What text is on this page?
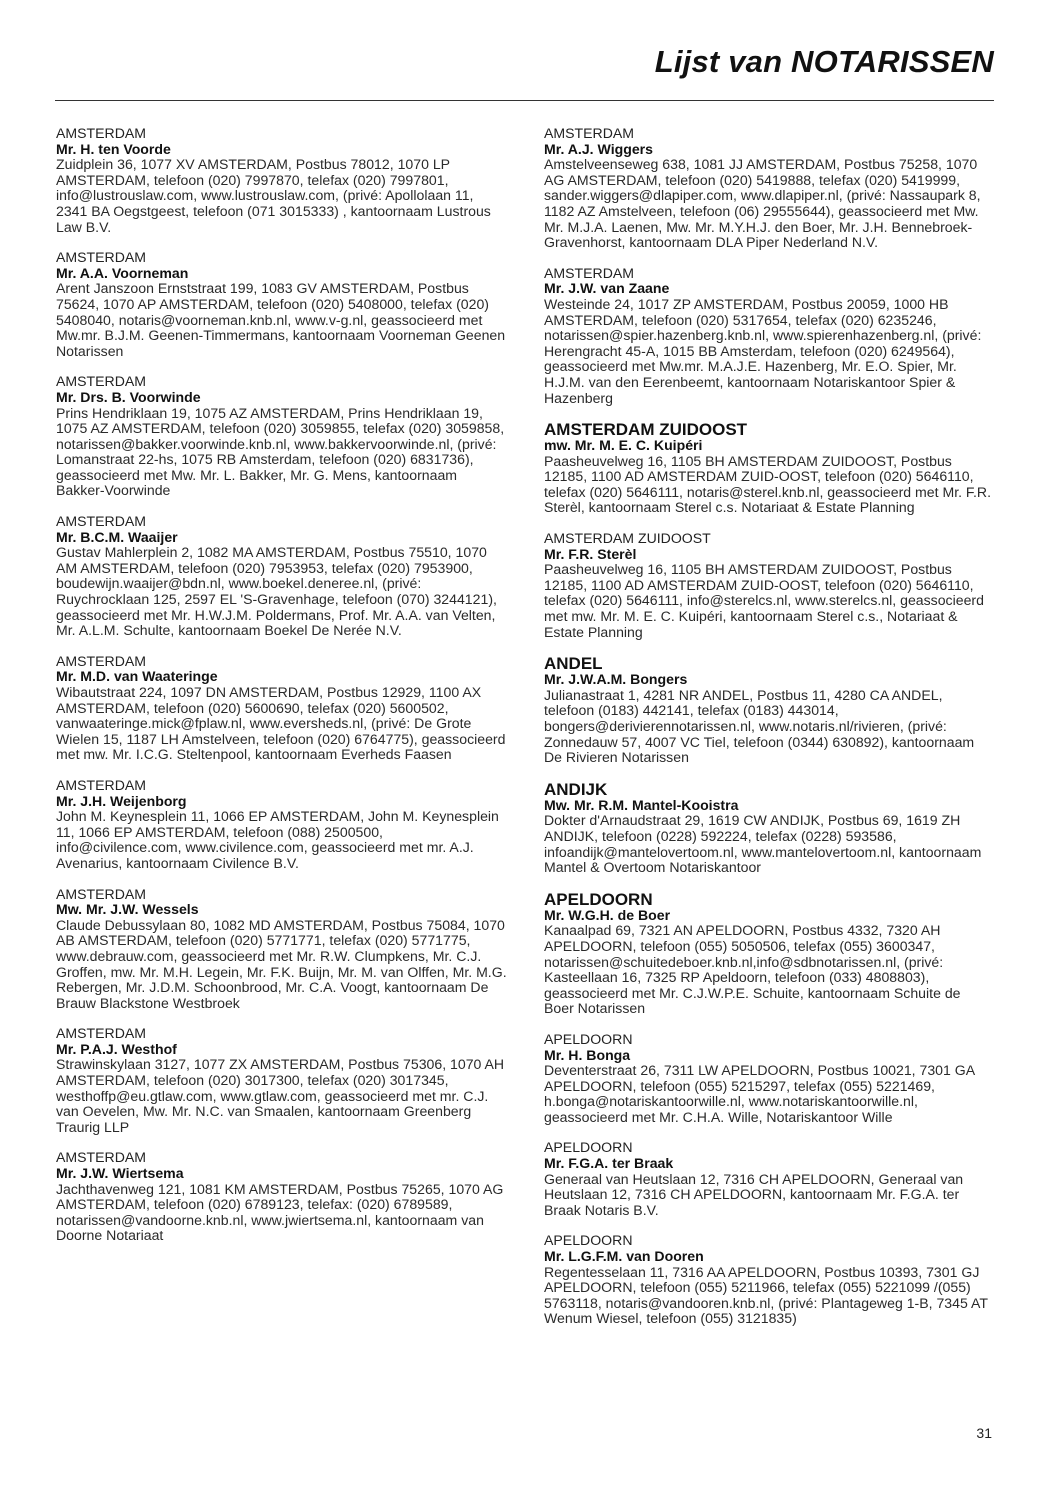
Lijst van NOTARISSEN
AMSTERDAM
Mr. H. ten Voorde
Zuidplein 36, 1077 XV AMSTERDAM, Postbus 78012, 1070 LP AMSTERDAM, telefoon (020) 7997870, telefax (020) 7997801, info@lustrouslaw.com, www.lustrouslaw.com, (privé: Apollolaan 11, 2341 BA Oegstgeest, telefoon (071 3015333) , kantoornaam Lustrous Law B.V.
AMSTERDAM
Mr. A.A. Voorneman
Arent Janszoon Ernststraat 199, 1083 GV AMSTERDAM, Postbus 75624, 1070 AP AMSTERDAM, telefoon (020) 5408000, telefax (020) 5408040, notaris@voorneman.knb.nl, www.v-g.nl, geassocieerd met Mw.mr. B.J.M. Geenen-Timmermans, kantoornaam Voorneman Geenen Notarissen
AMSTERDAM
Mr. Drs. B. Voorwinde
Prins Hendriklaan 19, 1075 AZ AMSTERDAM, Prins Hendriklaan 19, 1075 AZ AMSTERDAM, telefoon (020) 3059855, telefax (020) 3059858, notarissen@bakker.voorwinde.knb.nl, www.bakkervoorwinde.nl, (privé: Lomanstraat 22-hs, 1075 RB Amsterdam, telefoon (020) 6831736), geassocieerd met Mw. Mr. L. Bakker, Mr. G. Mens, kantoornaam Bakker-Voorwinde
AMSTERDAM
Mr. B.C.M. Waaijer
Gustav Mahlerplein 2, 1082 MA AMSTERDAM, Postbus 75510, 1070 AM AMSTERDAM, telefoon (020) 7953953, telefax (020) 7953900, boudewijn.waaijer@bdn.nl, www.boekel.deneree.nl, (privé: Ruychrocklaan 125, 2597 EL 'S-Gravenhage, telefoon (070) 3244121), geassocieerd met Mr. H.W.J.M. Poldermans, Prof. Mr. A.A. van Velten, Mr. A.L.M. Schulte, kantoornaam Boekel De Nerée N.V.
AMSTERDAM
Mr. M.D. van Waateringe
Wibautstraat 224, 1097 DN AMSTERDAM, Postbus 12929, 1100 AX AMSTERDAM, telefoon (020) 5600690, telefax (020) 5600502, vanwaateringe.mick@fplaw.nl, www.eversheds.nl, (privé: De Grote Wielen 15, 1187 LH Amstelveen, telefoon (020) 6764775), geassocieerd met mw. Mr. I.C.G. Steltenpool, kantoornaam Everheds Faasen
AMSTERDAM
Mr. J.H. Weijenborg
John M. Keynesplein 11, 1066 EP AMSTERDAM, John M. Keynesplein 11, 1066 EP AMSTERDAM, telefoon (088) 2500500, info@civilence.com, www.civilence.com, geassocieerd met mr. A.J. Avenarius, kantoornaam Civilence B.V.
AMSTERDAM
Mw. Mr. J.W. Wessels
Claude Debussylaan 80, 1082 MD AMSTERDAM, Postbus 75084, 1070 AB AMSTERDAM, telefoon (020) 5771771, telefax (020) 5771775, www.debrauw.com, geassocieerd met Mr. R.W. Clumpkens, Mr. C.J. Groffen, mw. Mr. M.H. Legein, Mr. F.K. Buijn, Mr. M. van Olffen, Mr. M.G. Rebergen, Mr. J.D.M. Schoonbrood, Mr. C.A. Voogt, kantoornaam De Brauw Blackstone Westbroek
AMSTERDAM
Mr. P.A.J. Westhof
Strawinskylaan 3127, 1077 ZX AMSTERDAM, Postbus 75306, 1070 AH AMSTERDAM, telefoon (020) 3017300, telefax (020) 3017345, westhoffp@eu.gtlaw.com, www.gtlaw.com, geassocieerd met mr. C.J. van Oevelen, Mw. Mr. N.C. van Smaalen, kantoornaam Greenberg Traurig LLP
AMSTERDAM
Mr. J.W. Wiertsema
Jachthavenweg 121, 1081 KM AMSTERDAM, Postbus 75265, 1070 AG AMSTERDAM, telefoon (020) 6789123, telefax: (020) 6789589, notarissen@vandoorne.knb.nl, www.jwiertsema.nl, kantoornaam van Doorne Notariaat
AMSTERDAM
Mr. A.J. Wiggers
Amstelveenseweg 638, 1081 JJ AMSTERDAM, Postbus 75258, 1070 AG AMSTERDAM, telefoon (020) 5419888, telefax (020) 5419999, sander.wiggers@dlapiper.com, www.dlapiper.nl, (privé: Nassaupark 8, 1182 AZ Amstelveen, telefoon (06) 29555644), geassocieerd met Mw. Mr. M.J.A. Laenen, Mw. Mr. M.Y.H.J. den Boer, Mr. J.H. Bennebroek-Gravenhorst, kantoornaam DLA Piper Nederland N.V.
AMSTERDAM
Mr. J.W. van Zaane
Westeinde 24, 1017 ZP AMSTERDAM, Postbus 20059, 1000 HB AMSTERDAM, telefoon (020) 5317654, telefax (020) 6235246, notarissen@spier.hazenberg.knb.nl, www.spierenhazenberg.nl, (privé: Herengracht 45-A, 1015 BB Amsterdam, telefoon (020) 6249564), geassocieerd met Mw.mr. M.A.J.E. Hazenberg, Mr. E.O. Spier, Mr. H.J.M. van den Eerenbeemt, kantoornaam Notariskantoor Spier & Hazenberg
AMSTERDAM ZUIDOOST
mw. Mr. M. E. C. Kuipéri
Paasheuvelweg 16, 1105 BH AMSTERDAM ZUIDOOST, Postbus 12185, 1100 AD AMSTERDAM ZUID-OOST, telefoon (020) 5646110, telefax (020) 5646111, notaris@sterel.knb.nl, geassocieerd met Mr. F.R. Sterèl, kantoornaam Sterel c.s. Notariaat & Estate Planning
AMSTERDAM ZUIDOOST
Mr. F.R. Sterèl
Paasheuvelweg 16, 1105 BH AMSTERDAM ZUIDOOST, Postbus 12185, 1100 AD AMSTERDAM ZUID-OOST, telefoon (020) 5646110, telefax (020) 5646111, info@sterelcs.nl, www.sterelcs.nl, geassocieerd met mw. Mr. M. E. C. Kuipéri, kantoornaam Sterel c.s., Notariaat & Estate Planning
ANDEL
Mr. J.W.A.M. Bongers
Julianastraat 1, 4281 NR ANDEL, Postbus 11, 4280 CA ANDEL, telefoon (0183) 442141, telefax (0183) 443014, bongers@derivierennotarissen.nl, www.notaris.nl/rivieren, (privé: Zonnedauw 57, 4007 VC Tiel, telefoon (0344) 630892), kantoornaam De Rivieren Notarissen
ANDIJK
Mw. Mr. R.M. Mantel-Kooistra
Dokter d'Arnaudstraat 29, 1619 CW ANDIJK, Postbus 69, 1619 ZH ANDIJK, telefoon (0228) 592224, telefax (0228) 593586, infoandijk@mantelovertoom.nl, www.mantelovertoom.nl, kantoornaam Mantel & Overtoom Notariskantoor
APELDOORN
Mr. W.G.H. de Boer
Kanaalpad 69, 7321 AN APELDOORN, Postbus 4332, 7320 AH APELDOORN, telefoon (055) 5050506, telefax (055) 3600347, notarissen@schuitedeboer.knb.nl,info@sdbnotarissen.nl, (privé: Kasteellaan 16, 7325 RP Apeldoorn, telefoon (033) 4808803), geassocieerd met Mr. C.J.W.P.E. Schuite, kantoornaam Schuite de Boer Notarissen
APELDOORN
Mr. H. Bonga
Deventerstraat 26, 7311 LW APELDOORN, Postbus 10021, 7301 GA APELDOORN, telefoon (055) 5215297, telefax (055) 5221469, h.bonga@notariskantoorwille.nl, www.notariskantoorwille.nl, geassocieerd met Mr. C.H.A. Wille, Notariskantoor Wille
APELDOORN
Mr. F.G.A. ter Braak
Generaal van Heutslaan 12, 7316 CH APELDOORN, Generaal van Heutslaan 12, 7316 CH APELDOORN, kantoornaam Mr. F.G.A. ter Braak Notaris B.V.
APELDOORN
Mr. L.G.F.M. van Dooren
Regentesselaan 11, 7316 AA APELDOORN, Postbus 10393, 7301 GJ APELDOORN, telefoon (055) 5211966, telefax (055) 5221099 /(055) 5763118, notaris@vandooren.knb.nl, (privé: Plantageweg 1-B, 7345 AT Wenum Wiesel, telefoon (055) 3121835)
31
